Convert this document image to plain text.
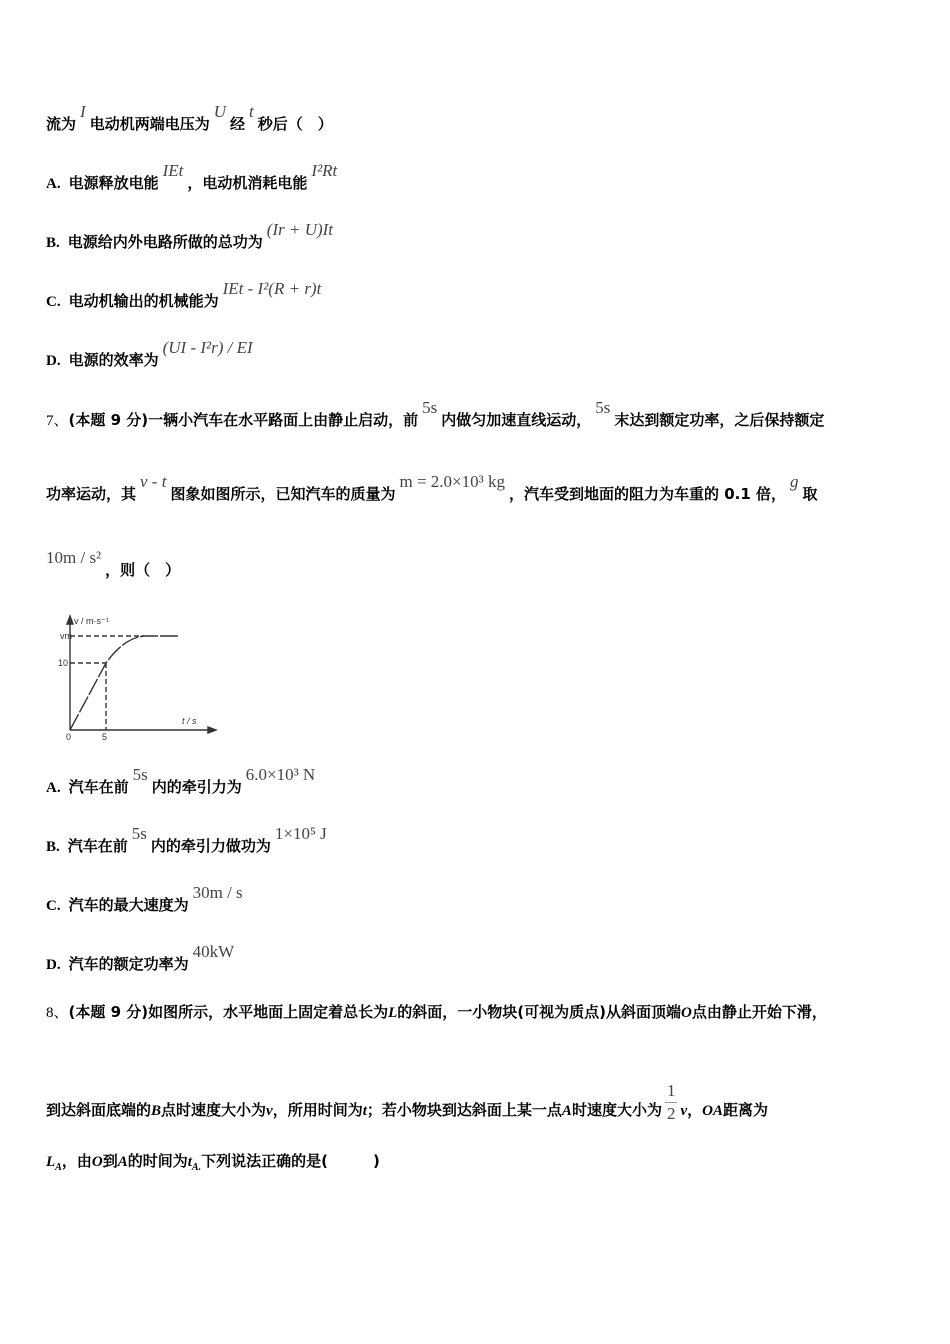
流为I电动机两端电压为U经t秒后（　）
A. 电源释放电能IEt，电动机消耗电能I²Rt
B. 电源给内外电路所做的总功为(Ir + U)It
C. 电动机输出的机械能为IEt - I²(R + r)t
D. 电源的效率为(UI - I²r) / EI
7、(本题 9 分)一辆小汽车在水平路面上由静止启动，前5s内做匀加速直线运动，5s末达到额定功率，之后保持额定
功率运动，其v - t图象如图所示，已知汽车的质量为m = 2.0×10³ kg，汽车受到地面的阻力为车重的 0.1 倍，g取
10m / s²，则（　）
v / m·s⁻¹
vm
10
0	5
t / s
A. 汽车在前5s内的牵引力为6.0×10³ N
B. 汽车在前5s内的牵引力做功为1×10⁵ J
C. 汽车的最大速度为30m / s
D. 汽车的额定功率为40kW
8、(本题 9 分)如图所示，水平地面上固定着总长为L的斜面，一小物块(可视为质点)从斜面顶端O点由静止开始下滑，
到达斜面底端的B点时速度大小为v，所用时间为t；若小物块到达斜面上某一点A时速度大小为 $\frac{1}{2}$ v，OA距离为
$L_A$，由O到A的时间为$t_{A.}$下列说法正确的是(　　　)
